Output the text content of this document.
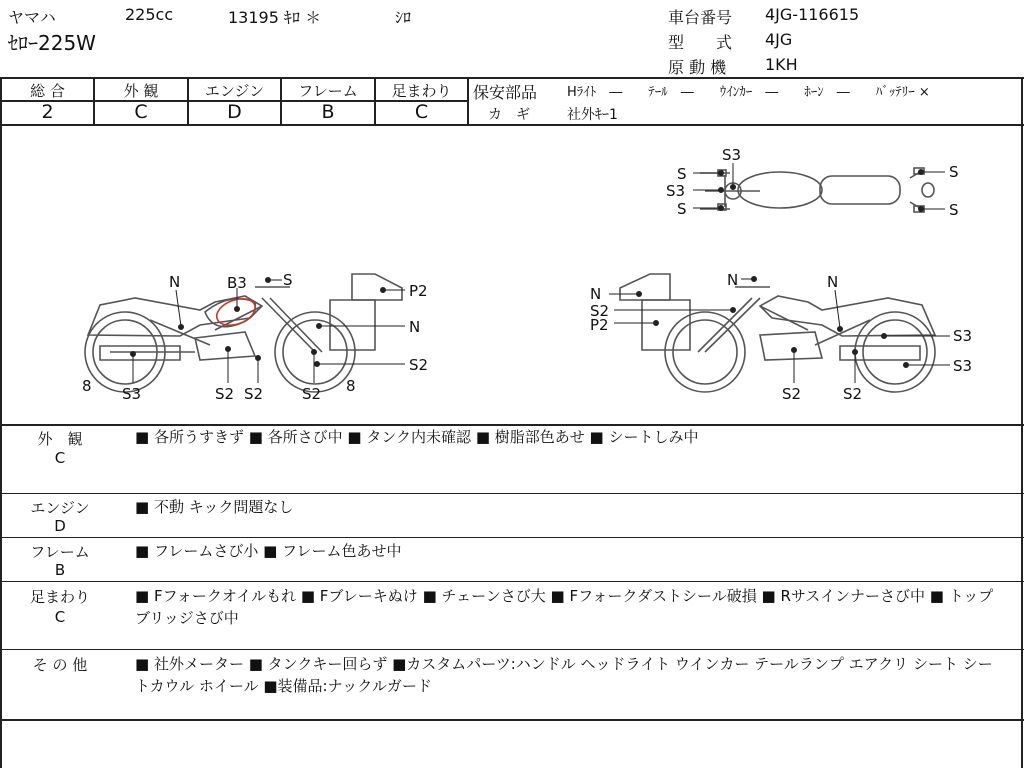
ヤマハ	225cc	13195 ｷﾛ ＊	ｼﾛ
ｾﾛｰ225W
車台番号 4JG-116615
型　　式 4JG
原 動 機 1KH
総 合	外 観	エンジン	フレーム	足まわり
2	C	D	B	C
保安部品 Hﾗｲﾄ　―　　ﾃｰﾙ　―　　ｳｲﾝｶｰ　―　　ﾎｰﾝ　―　　ﾊﾞｯﾃﾘｰ ×
カ　ギ	社外ｷｰ1
S3
S
S3
S
S
S
B3 S
N	P2
N
S2
8 S3	S2 S2	S2 8
N	N
N
S2
P2
S3
S3
S2	S2
外　観
C
■ 各所うすきず ■ 各所さび中 ■ タンク内未確認 ■ 樹脂部色あせ ■ シートしみ中
エンジン
D
■ 不動 キック問題なし
フレーム
B
■ フレームさび小 ■ フレーム色あせ中
足まわり
C
■ Fフォークオイルもれ ■ Fブレーキぬけ ■ チェーンさび大 ■ Fフォークダストシール破損 ■ Rサスインナーさび中 ■ トップブリッジさび中
そ の 他	■ 社外メーター ■ タンクキー回らず ■カスタムパーツ:ハンドル ヘッドライト ウインカー テールランプ エアクリ シート シートカウル ホイール ■装備品:ナックルガード
